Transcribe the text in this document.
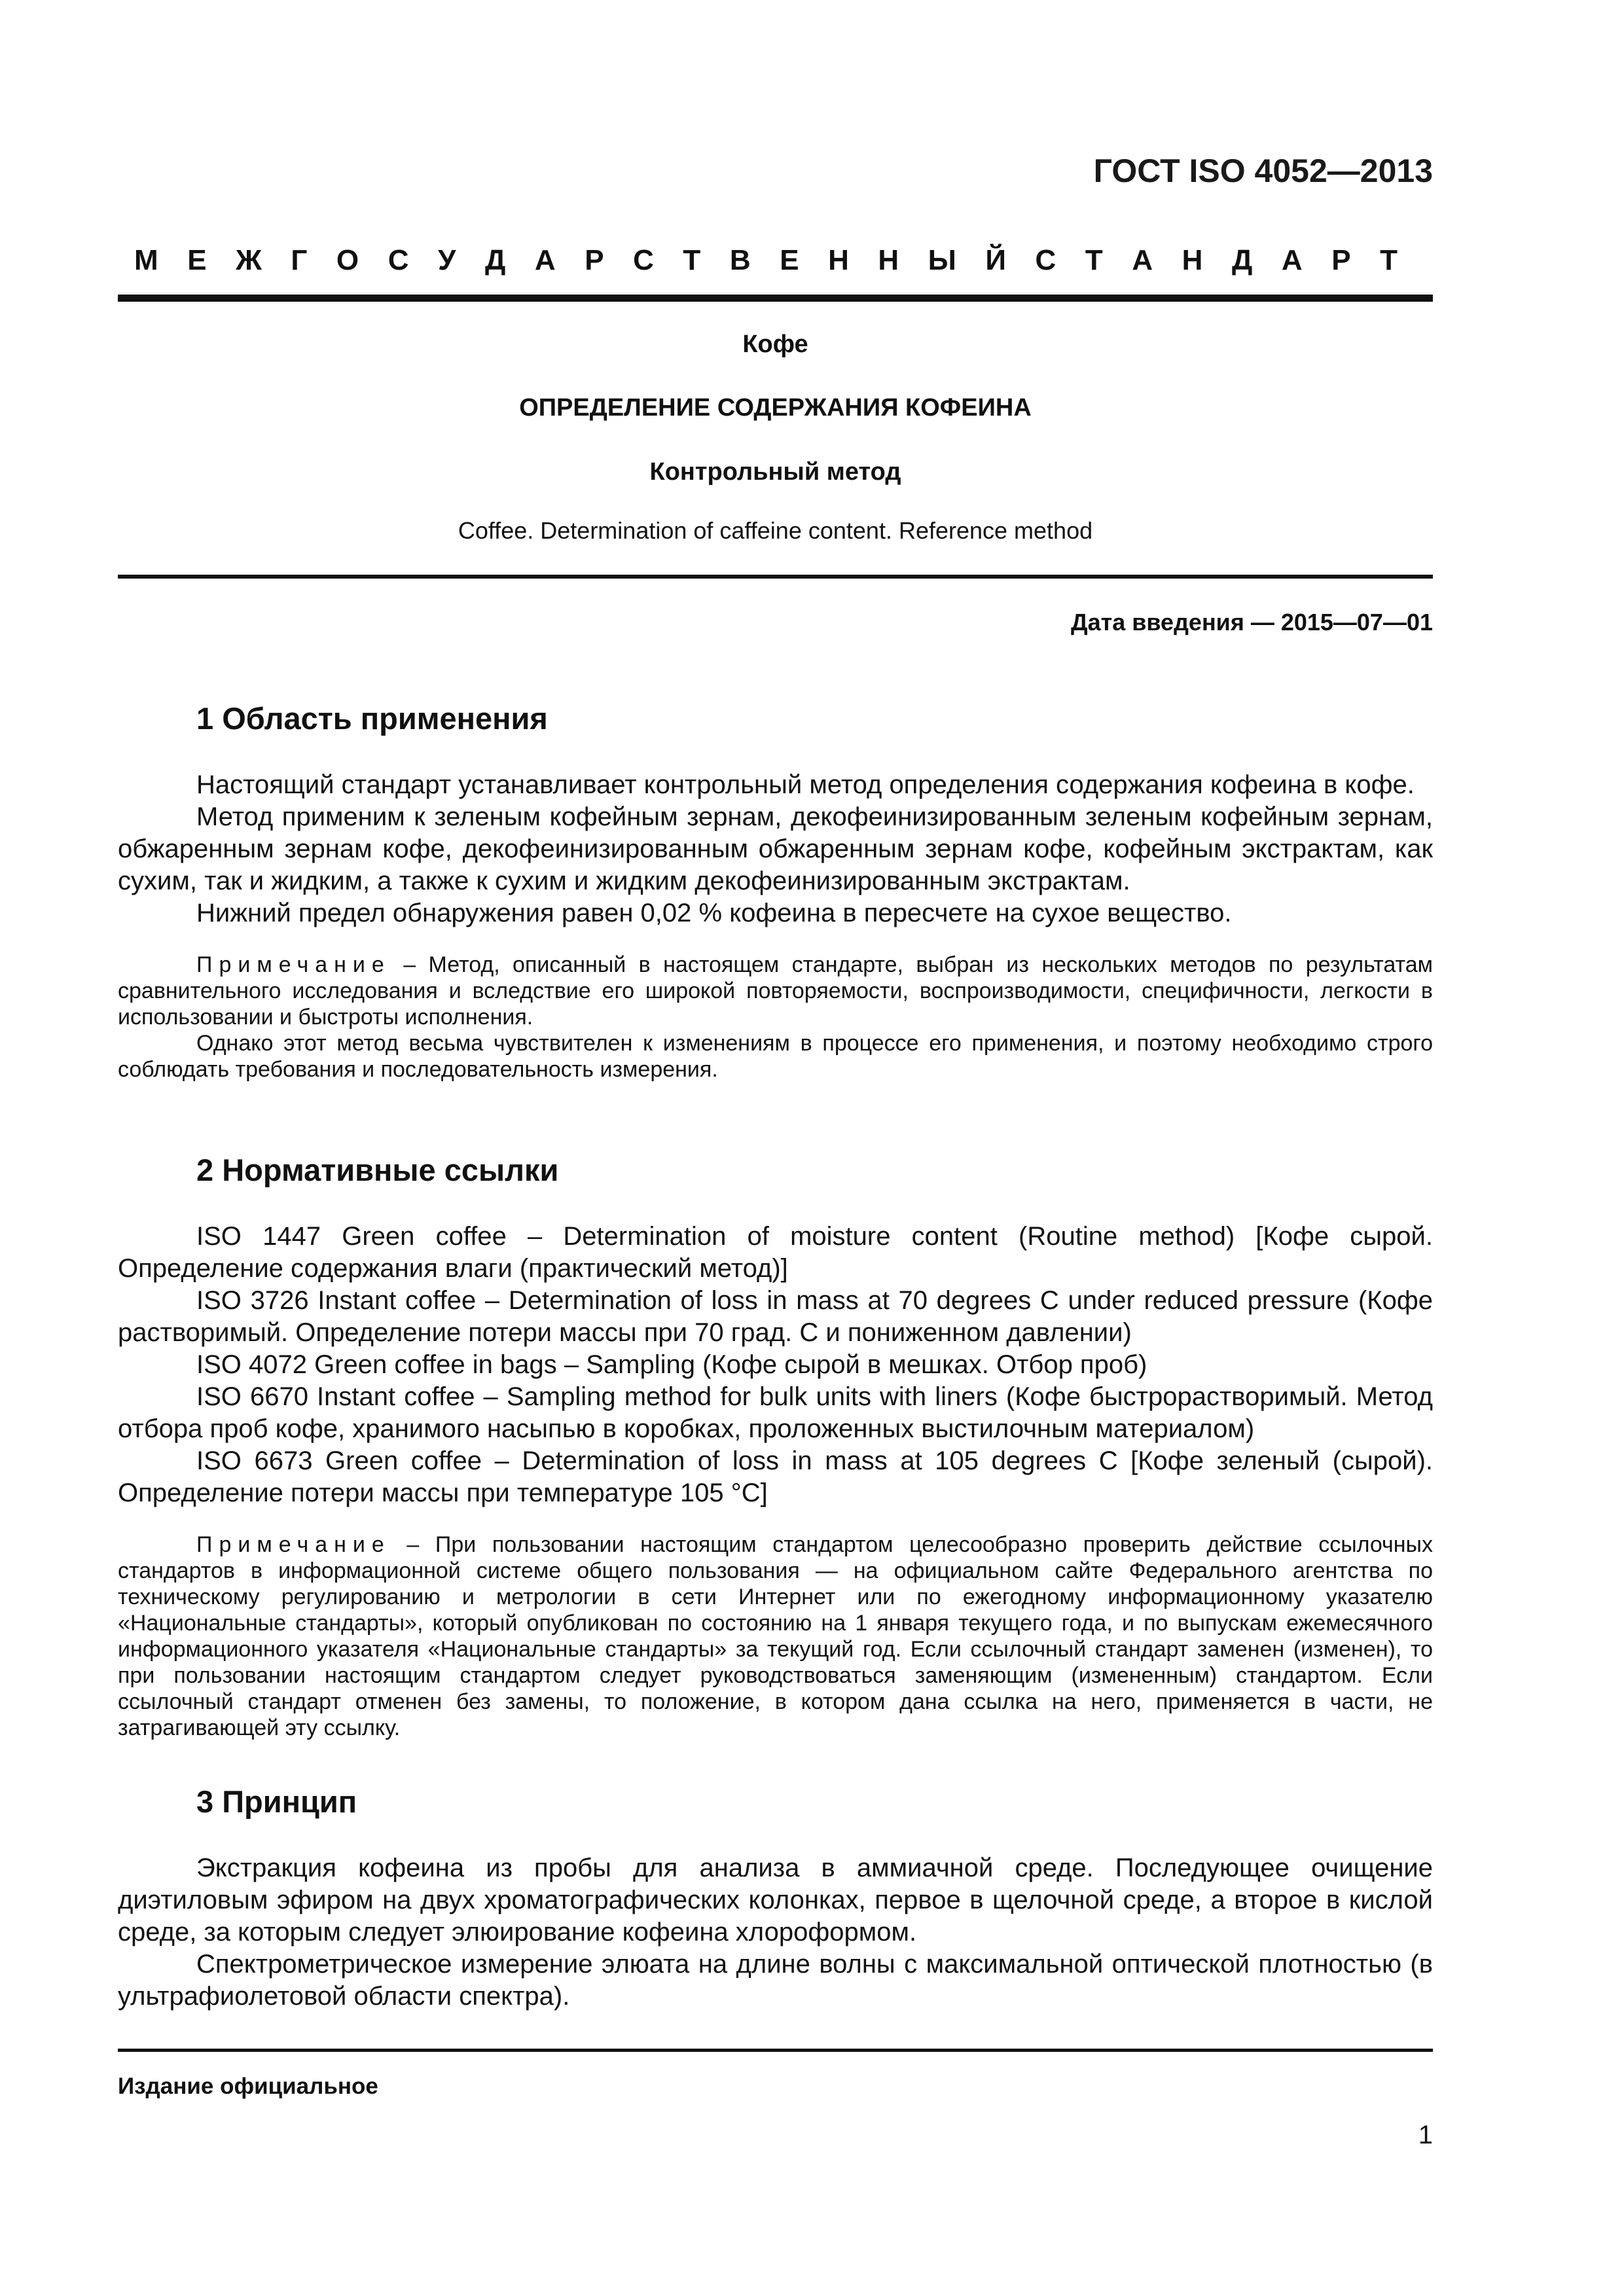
ГОСТ ISO 4052—2013
М Е Ж Г О С У Д А Р С Т В Е Н Н Ы Й С Т А Н Д А Р Т
Кофе
ОПРЕДЕЛЕНИЕ СОДЕРЖАНИЯ КОФЕИНА
Контрольный метод
Coffee. Determination of caffeine content. Reference method
Дата введения — 2015—07—01
1 Область применения

Настоящий стандарт устанавливает контрольный метод определения содержания кофеина в кофе.

Метод применим к зеленым кофейным зернам, декофеинизированным зеленым кофейным зернам, обжаренным зернам кофе, декофеинизированным обжаренным зернам кофе, кофейным экстрактам, как сухим, так и жидким, а также к сухим и жидким декофеинизированным экстрактам.

Нижний предел обнаружения равен 0,02 % кофеина в пересчете на сухое вещество.

Примечание – Метод, описанный в настоящем стандарте, выбран из нескольких методов по результатам сравнительного исследования и вследствие его широкой повторяемости, воспроизводимости, специфичности, легкости в использовании и быстроты исполнения.

Однако этот метод весьма чувствителен к изменениям в процессе его применения, и поэтому необходимо строго соблюдать требования и последовательность измерения.

2 Нормативные ссылки

ISO 1447 Green coffee – Determination of moisture content (Routine method) [Кофе сырой. Определение содержания влаги (практический метод)]

ISO 3726 Instant coffee – Determination of loss in mass at 70 degrees C under reduced pressure (Кофе растворимый. Определение потери массы при 70 град. С и пониженном давлении)

ISO 4072 Green coffee in bags – Sampling (Кофе сырой в мешках. Отбор проб)

ISO 6670 Instant coffee – Sampling method for bulk units with liners (Кофе быстрорастворимый. Метод отбора проб кофе, хранимого насыпью в коробках, проложенных выстилочным материалом)

ISO 6673 Green coffee – Determination of loss in mass at 105 degrees C [Кофе зеленый (сырой). Определение потери массы при температуре 105 °С]

Примечание – При пользовании настоящим стандартом целесообразно проверить действие ссылочных стандартов в информационной системе общего пользования — на официальном сайте Федерального агентства по техническому регулированию и метрологии в сети Интернет или по ежегодному информационному указателю «Национальные стандарты», который опубликован по состоянию на 1 января текущего года, и по выпускам ежемесячного информационного указателя «Национальные стандарты» за текущий год. Если ссылочный стандарт заменен (изменен), то при пользовании настоящим стандартом следует руководствоваться заменяющим (измененным) стандартом. Если ссылочный стандарт отменен без замены, то положение, в котором дана ссылка на него, применяется в части, не затрагивающей эту ссылку.

3 Принцип

Экстракция кофеина из пробы для анализа в аммиачной среде. Последующее очищение диэтиловым эфиром на двух хроматографических колонках, первое в щелочной среде, а второе в кислой среде, за которым следует элюирование кофеина хлороформом.

Спектрометрическое измерение элюата на длине волны с максимальной оптической плотностью (в ультрафиолетовой области спектра).

Издание официальное
1
